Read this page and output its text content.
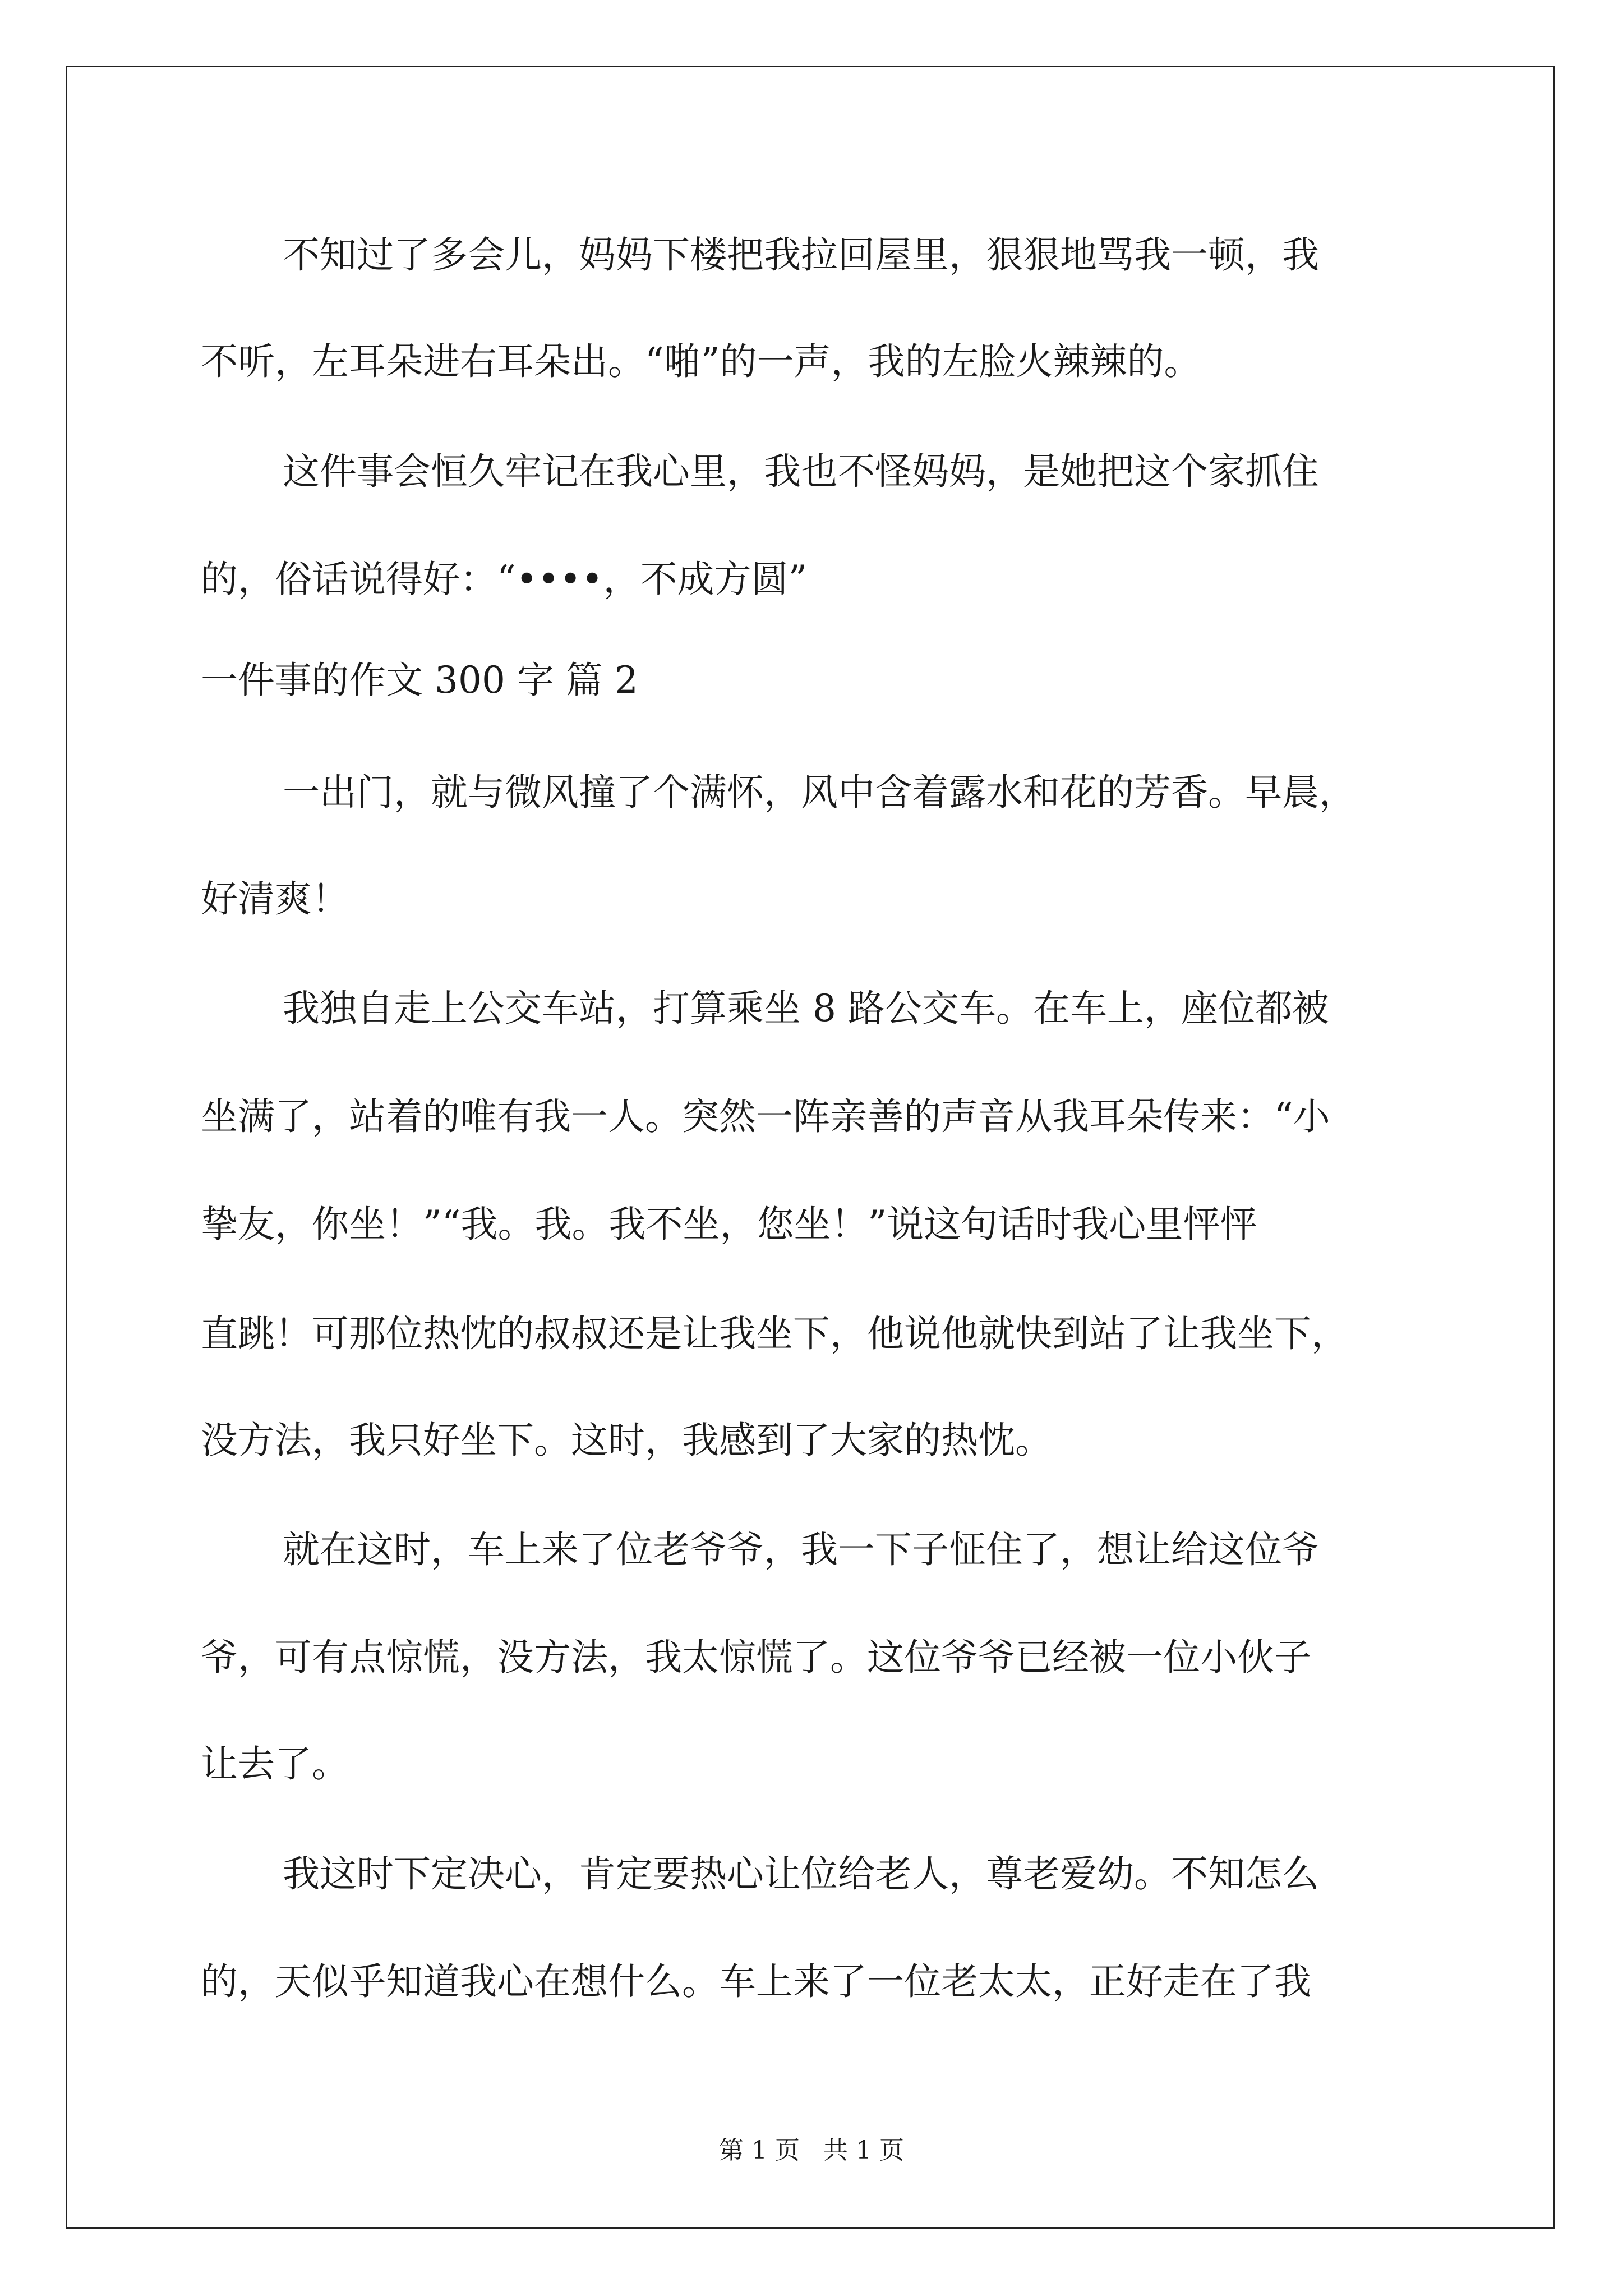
不知过了多会儿，妈妈下楼把我拉回屋里，狠狠地骂我一顿，我
不听，左耳朵进右耳朵出。“啪”的一声，我的左脸火辣辣的。
这件事会恒久牢记在我心里，我也不怪妈妈，是她把这个家抓住
的，俗话说得好：“••••，不成方圆”
一件事的作文 300 字 篇 2
一出门，就与微风撞了个满怀，风中含着露水和花的芳香。早晨，
好清爽！
我独自走上公交车站，打算乘坐 8 路公交车。在车上，座位都被
坐满了，站着的唯有我一人。突然一阵亲善的声音从我耳朵传来：“小
挚友，你坐！”“我。我。我不坐，您坐！”说这句话时我心里怦怦
直跳！可那位热忱的叔叔还是让我坐下，他说他就快到站了让我坐下，
没方法，我只好坐下。这时，我感到了大家的热忱。
就在这时，车上来了位老爷爷，我一下子怔住了，想让给这位爷
爷，可有点惊慌，没方法，我太惊慌了。这位爷爷已经被一位小伙子
让去了。
我这时下定决心，肯定要热心让位给老人，尊老爱幼。不知怎么
的，天似乎知道我心在想什么。车上来了一位老太太，正好走在了我
第 1 页   共 1 页
